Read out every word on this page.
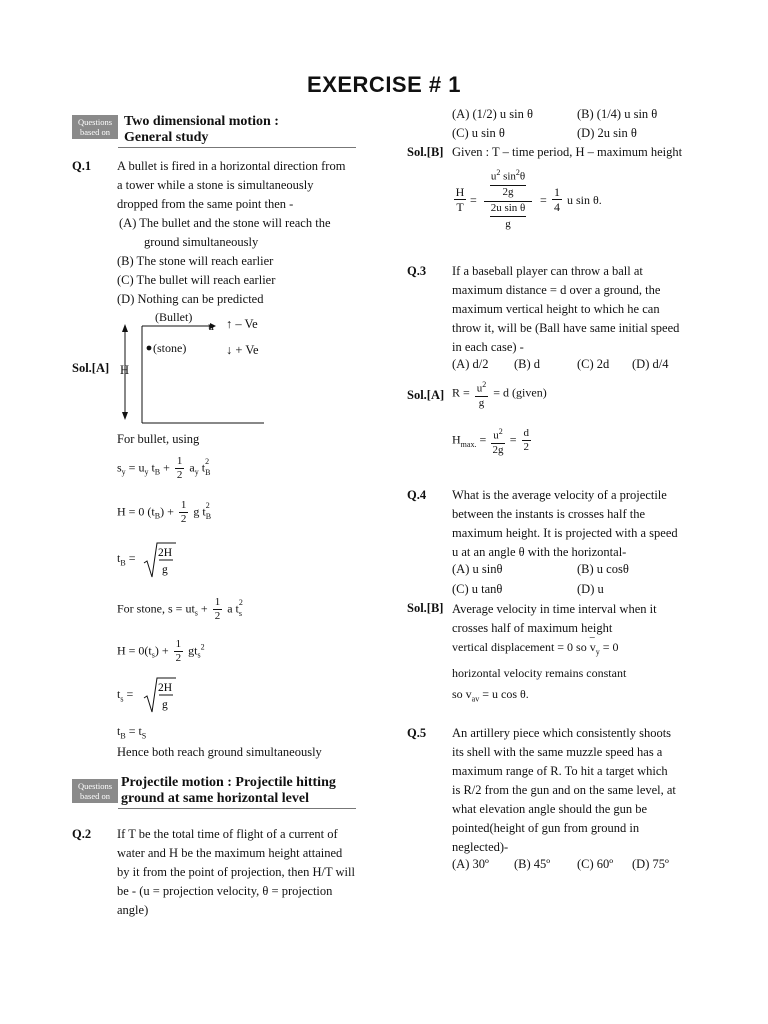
EXERCISE # 1
Questions
based on
Two dimensional motion :
General study
Q.1 A bullet is fired in a horizontal direction from
a tower while a stone is simultaneously
dropped from the same point then -
(A) The bullet and the stone will reach the
ground simultaneously
(B) The stone will reach earlier
(C) The bullet will reach earlier
(D) Nothing can be predicted
(Bullet)
u ↑ – Ve
(stone)	↓ + Ve
H
Sol.[A]
For bullet, using
$s_y = u_y$ $t_B + \frac{1}{2} a_y$ $t^2_B$
H = 0 $(t_B) + \frac{1}{2}$ g $t^2_B$
$t_B = 2H$
g
For stone, $s = ut_s + \frac{1}{2}$ a $t^2_s$
$H = 0(t_s) + \frac{1}{2} gt_s^2$
$t_s = 2H$
g
$t_B = t_S$
Hence both reach ground simultaneously
Questions
based on
Projectile motion : Projectile hitting
ground at same horizontal level
Q.2 If T be the total time of flight of a current of
water and H be the maximum height attained
by it from the point of projection, then H/T will
be - (u = projection velocity, θ = projection
angle)
(A) (1/2) u sin θ	(B) (1/4) u sin θ
(C) u sin θ	(D) 2u sin θ
Sol.[B] Given : T – time period, H – maximum height
H
T =
$u^2$ $\sin^2\theta$
2g
2u sin θ
g
=
1
4 u sin θ.
Q.3 If a baseball player can throw a ball at
maximum distance = d over a ground, the
maximum vertical height to which he can
throw it, will be (Ball have same initial speed
in each case) -
(A) d/2 (B) d	(C) 2d (D) d/4
Sol.[A] $R = \frac{u^2}{g} = d$ (given)
$H_{max.} = \frac{u^2}{2g} = \frac{d}{2}$
Q.4 What is the average velocity of a projectile
between the instants is crosses half the
maximum height. It is projected with a speed
u at an angle θ with the horizontal-
(A) u sinθ	(B) u cosθ
(C) u tanθ	(D) u
Sol.[B] Average velocity in time interval when it
crosses half of maximum height
vertical displacement = 0 so v
–
$_y$ = 0
horizontal velocity remains constant
so $v_{av} = u$ cos θ.
Q.5 An artillery piece which consistently shoots
its shell with the same muzzle speed has a
maximum range of R. To hit a target which
is R/2 from the gun and on the same level, at
what elevation angle should the gun be
pointed(height of gun from ground in
neglected)-
(A) 30º (B) 45º (C) 60º (D) 75º
